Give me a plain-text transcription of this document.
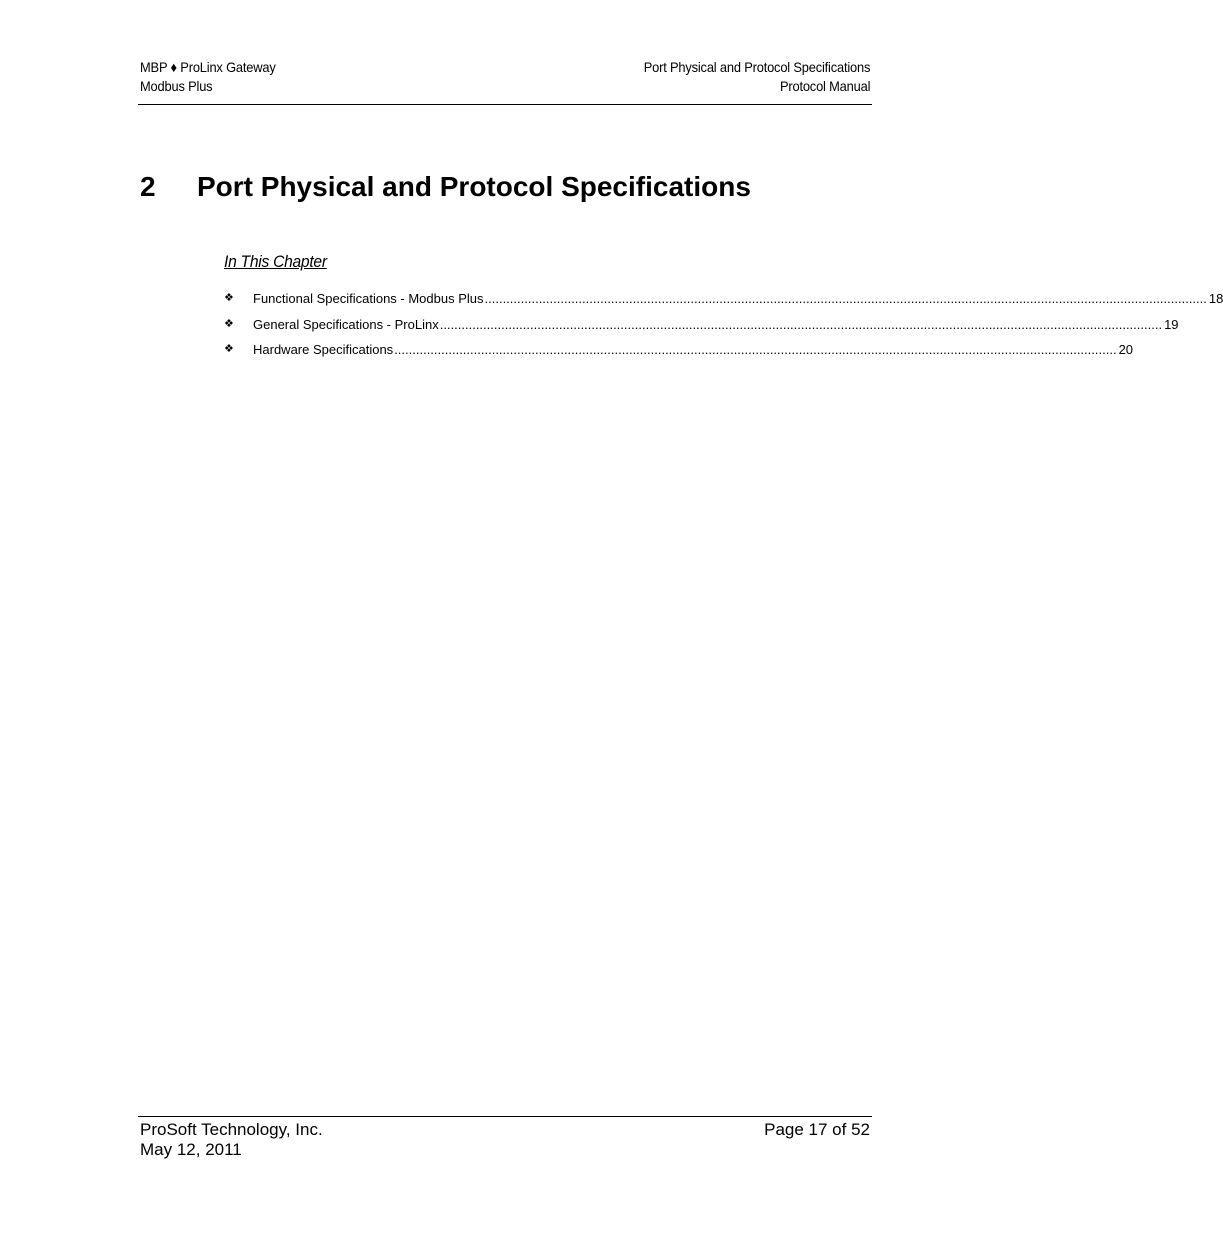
MBP ♦ ProLinx Gateway
Modbus Plus
Port Physical and Protocol Specifications
Protocol Manual
2 Port Physical and Protocol Specifications
In This Chapter
❖	Functional Specifications - Modbus Plus ........................................................................................................................................................................................................ 18
❖	General Specifications - ProLinx ........................................................................................................................................................................................................ 19
❖	Hardware Specifications ........................................................................................................................................................................................................ 20
ProSoft Technology, Inc.
May 12, 2011
Page 17 of 52
